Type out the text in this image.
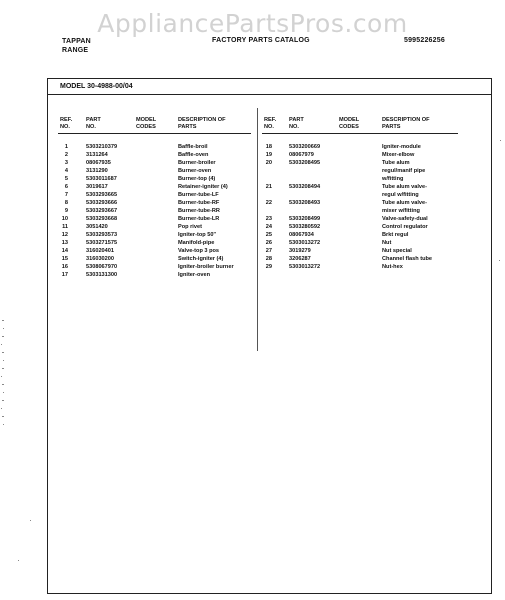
AppliancePartsPros.com
TAPPAN
RANGE
FACTORY PARTS CATALOG	5995226256
MODEL 30-4988-00/04
REF. NO.
PART NO.
MODEL CODES
DESCRIPTION OF PARTS
REF. NO.
PART NO.
MODEL CODES
DESCRIPTION OF PARTS
1	5303210379	Baffle-broil
2	3131264	Baffle-oven
3	08067935	Burner-broiler
4	3131290	Burner-oven
5	5303011687	Burner-top (4)
6	3019617	Retainer-igniter (4)
7	5303293665	Burner-tube-LF
8	5303293666	Burner-tube-RF
9	5303293667	Burner-tube-RR
10	5303293668	Burner-tube-LR
11	3051420	Pop rivet
12	5303293573	Igniter-top 50"
13	5303271575	Manifold-pipe
14	316020401	Valve-top 3 pos
15	316030200	Switch-igniter (4)
16	5308067970	Igniter-broiler burner
17	5303131300	Igniter-oven
18	5303200669	Igniter-module
19	08067979	Mixer-elbow
20	5303208495	Tube alum
regul/manif pipe
w/fitting
21	5303208494	Tube alum valve-
regul w/fitting
22	5303208493	Tube alum valve-
mixer w/fitting
23	5303208499	Valve-safety-dual
24	5303280592	Control regulator
25	08067934	Brkt regul
26	5303013272	Nut
27	3019279	Nut special
28	3206287	Channel flash tube
29	5303013272	Nut-hex
